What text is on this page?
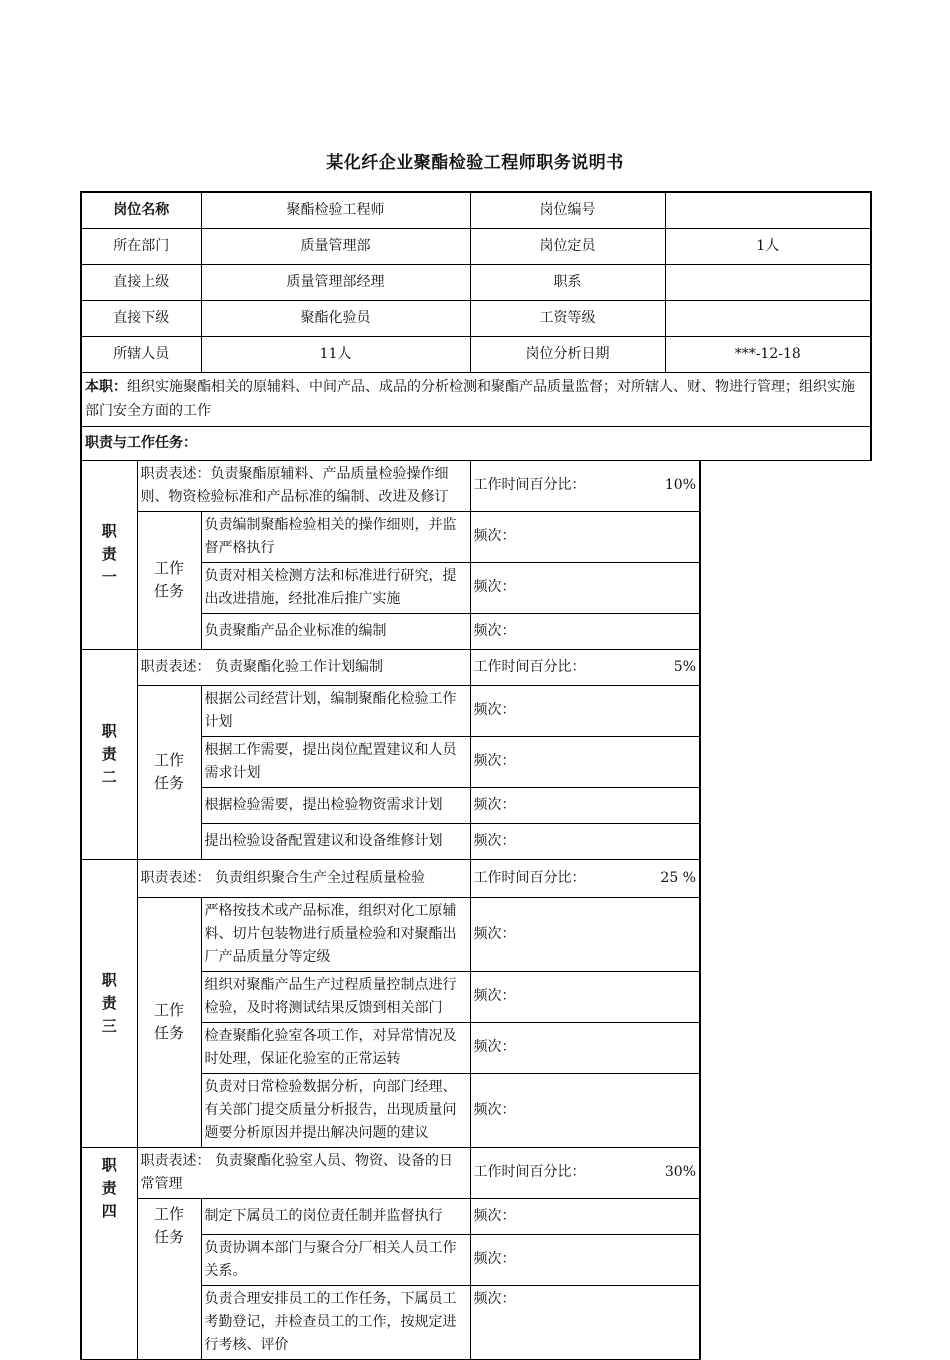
某化纤企业聚酯检验工程师职务说明书
岗位名称		聚酯检验工程师	岗位编号	
所在部门		质量管理部	岗位定员	1人
直接上级		质量管理部经理	职系	
直接下级		聚酯化验员	工资等级	
所辖人员		11人	岗位分析日期	***-12-18
本职：组织实施聚酯相关的原辅料、中间产品、成品的分析检测和聚酯产品质量监督；对所辖人、财、物进行管理；组织实施部门安全方面的工作				
职责与工作任务：				
职责一	职责表述：负责聚酯原辅料、产品质量检验操作细则、物资检验标准和产品标准的编制、改进及修订		工作时间百分比： 10%	

	工作任务	负责编制聚酯检验相关的操作细则，并监督严格执行	频次：	
		负责对相关检测方法和标准进行研究，提出改进措施，经批准后推广实施	频次：	
		负责聚酯产品企业标准的编制	频次：	
职责二	职责表述： 负责聚酯化验工作计划编制		工作时间百分比： 5%	

	工作任务	根据公司经营计划，编制聚酯化检验工作计划	频次：	
		根据工作需要，提出岗位配置建议和人员需求计划	频次：	
		根据检验需要，提出检验物资需求计划	频次：	
		提出检验设备配置建议和设备维修计划	频次：	
职责三	职责表述： 负责组织聚合生产全过程质量检验		工作时间百分比： 25 %	

	工作任务	严格按技术或产品标准，组织对化工原辅料、切片包装物进行质量检验和对聚酯出厂产品质量分等定级	频次：	
		组织对聚酯产品生产过程质量控制点进行检验，及时将测试结果反馈到相关部门	频次：	
		检查聚酯化验室各项工作，对异常情况及时处理，保证化验室的正常运转	频次：	
		负责对日常检验数据分析，向部门经理、有关部门提交质量分析报告，出现质量问题要分析原因并提出解决问题的建议	频次：	
职责四	职责表述： 负责聚酯化验室人员、物资、设备的日常管理		工作时间百分比： 30%	

	工作任务	制定下属员工的岗位责任制并监督执行	频次：	
		负责协调本部门与聚合分厂相关人员工作关系。	频次：	
		负责合理安排员工的工作任务，下属员工考勤登记，并检查员工的工作，按规定进行考核、评价	频次：	
